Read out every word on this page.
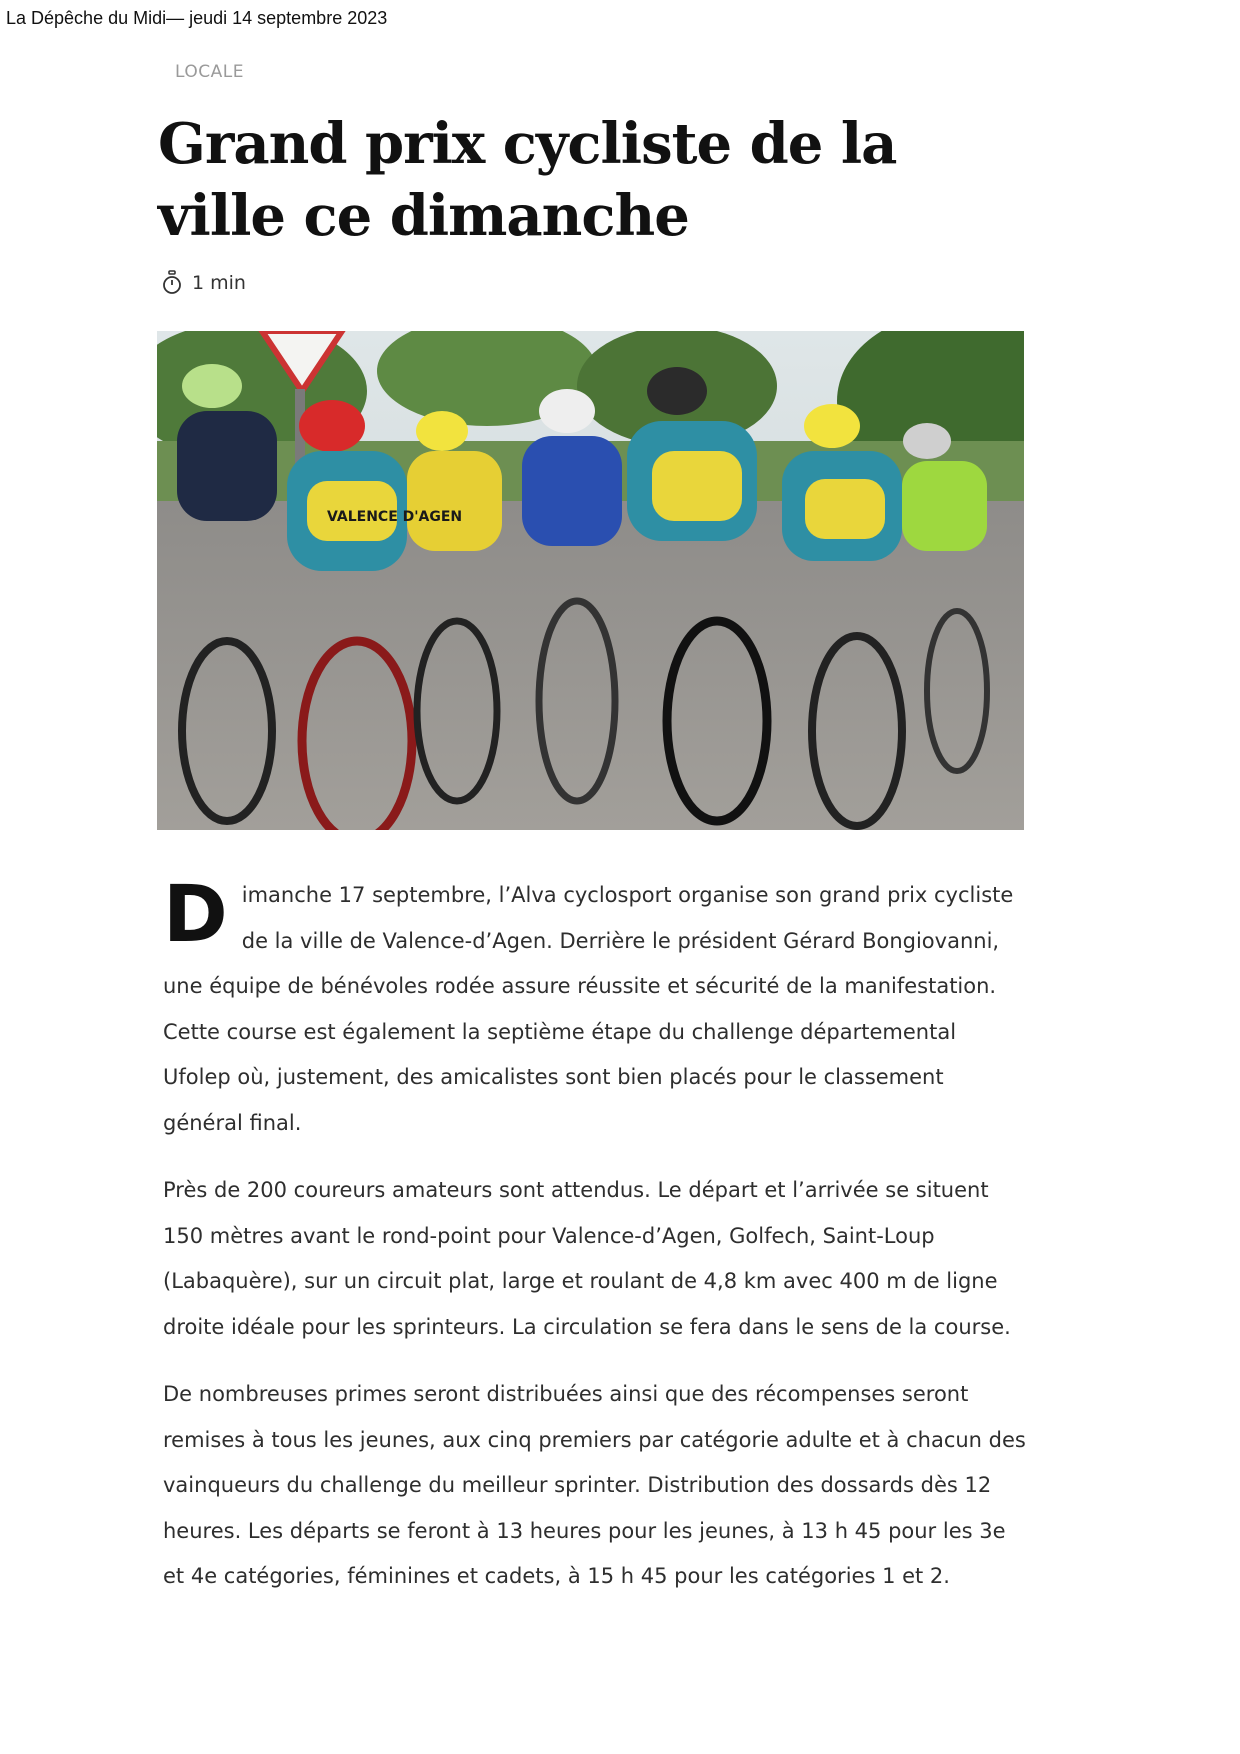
La Dépêche du Midi— jeudi 14 septembre 2023
LOCALE
Grand prix cycliste de la ville ce dimanche
1 min
VALENCE D'AGEN

D imanche 17 septembre, l’Alva cyclosport organise son grand prix cycliste de la ville de Valence-d’Agen. Derrière le président Gérard Bongiovanni, une équipe de bénévoles rodée assure réussite et sécurité de la manifestation. Cette course est également la septième étape du challenge départemental Ufolep où, justement, des amicalistes sont bien placés pour le classement général final.

Près de 200 coureurs amateurs sont attendus. Le départ et l’arrivée se situent 150 mètres avant le rond-point pour Valence-d’Agen, Golfech, Saint-Loup (Labaquère), sur un circuit plat, large et roulant de 4,8 km avec 400 m de ligne droite idéale pour les sprinteurs. La circulation se fera dans le sens de la course.

De nombreuses primes seront distribuées ainsi que des récompenses seront remises à tous les jeunes, aux cinq premiers par catégorie adulte et à chacun des vainqueurs du challenge du meilleur sprinter. Distribution des dossards dès 12 heures. Les départs se feront à 13 heures pour les jeunes, à 13 h 45 pour les 3e et 4e catégories, féminines et cadets, à 15 h 45 pour les catégories 1 et 2.
